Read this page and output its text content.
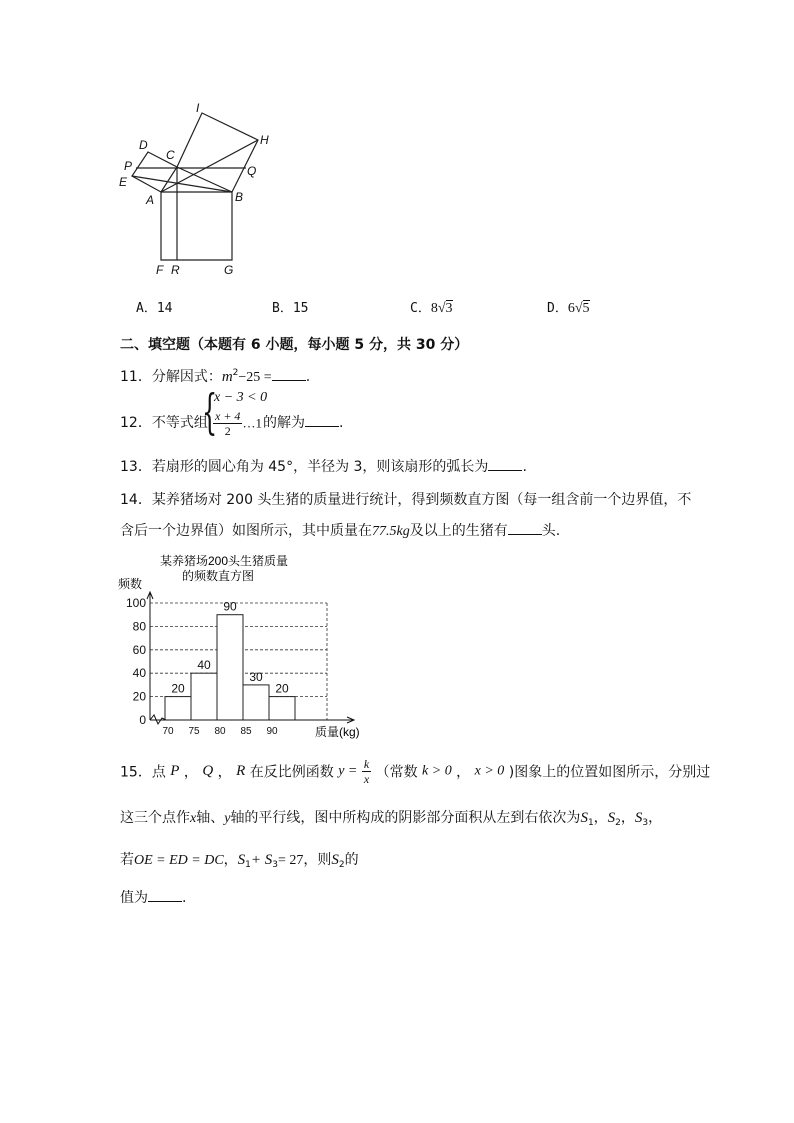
I
H
D
C
P	Q
E
A	B
F R	G
A．14	B．15	C．8√3	D．6√5
二、填空题（本题有 6 小题，每小题 5 分，共 30 分）
11．分解因式：$m^2-25$ = .
12．不等式组
{
x − 3 < 0
$\frac{x + 4}{2}$ …1 的解为 .
13．若扇形的圆心角为 45°，半径为 3，则该扇形的弧长为 .
14．某养猪场对 200 头生猪的质量进行统计，得到频数直方图（每一组含前一个边界值，不
含后一个边界值）如图所示，其中质量在77.5kg及以上的生猪有 头.
某养猪场200头生猪质量
的频数直方图
频数
质量(kg)
0
20
40
60
80
100
20
40
90
30
20
70 75 80 85 90
15．点 P ， Q ， R 在反比例函数 $y = \frac{k}{x}$ （常数 k > 0 ， x > 0 )图象上的位置如图所示，分别过
这三个点作x轴、y轴的平行线，图中所构成的阴影部分面积从左到右依次为$S_1$，$S_2$，$S_3$，
若OE = ED = DC，$S_1+ S_3= 27$，则$S_2$的
值为 .
